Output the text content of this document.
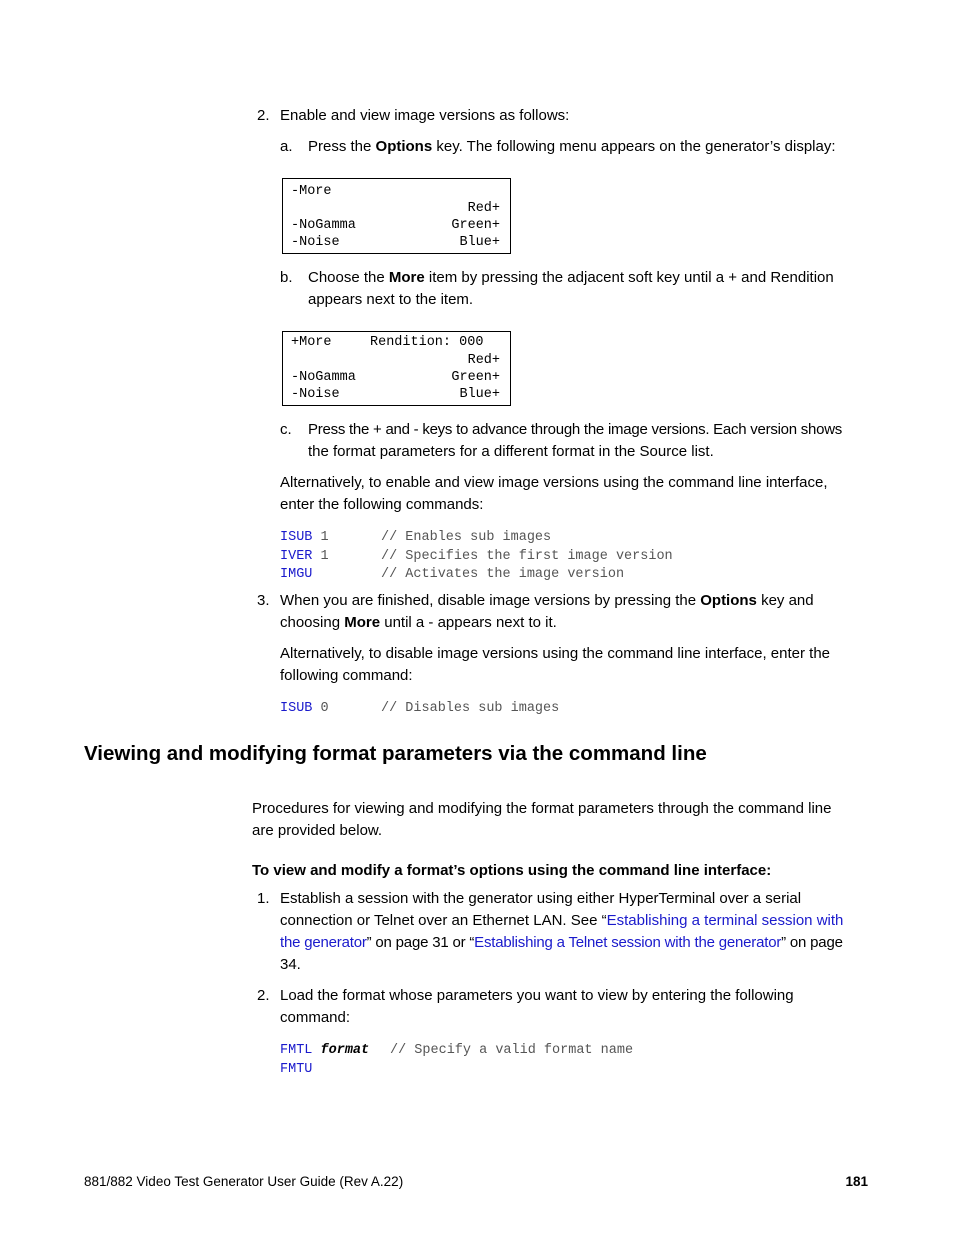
2. Enable and view image versions as follows:
a. Press the Options key. The following menu appears on the generator’s display:
-More
Red+
-NoGamma	Green+
-Noise	Blue+
b. Choose the More item by pressing the adjacent soft key until a + and Rendition
appears next to the item.
+More	Rendition: 000
Red+
-NoGamma	Green+
-Noise	Blue+
c. Press the + and - keys to advance through the image versions. Each version shows
the format parameters for a different format in the Source list.
Alternatively, to enable and view image versions using the command line interface,
enter the following commands:
ISUB 1	// Enables sub images
IVER 1	// Specifies the first image version
IMGU	// Activates the image version
3. When you are finished, disable image versions by pressing the Options key and
choosing More until a - appears next to it.
Alternatively, to disable image versions using the command line interface, enter the
following command:
ISUB 0	// Disables sub images
Viewing and modifying format parameters via the command line
Procedures for viewing and modifying the format parameters through the command line
are provided below.
To view and modify a format’s options using the command line interface:
1. Establish a session with the generator using either HyperTerminal over a serial
connection or Telnet over an Ethernet LAN. See “Establishing a terminal session with
the generator” on page 31 or “Establishing a Telnet session with the generator” on page
34.
2. Load the format whose parameters you want to view by entering the following
command:
FMTL format // Specify a valid format name
FMTU
881/882 Video Test Generator User Guide (Rev A.22)	181
